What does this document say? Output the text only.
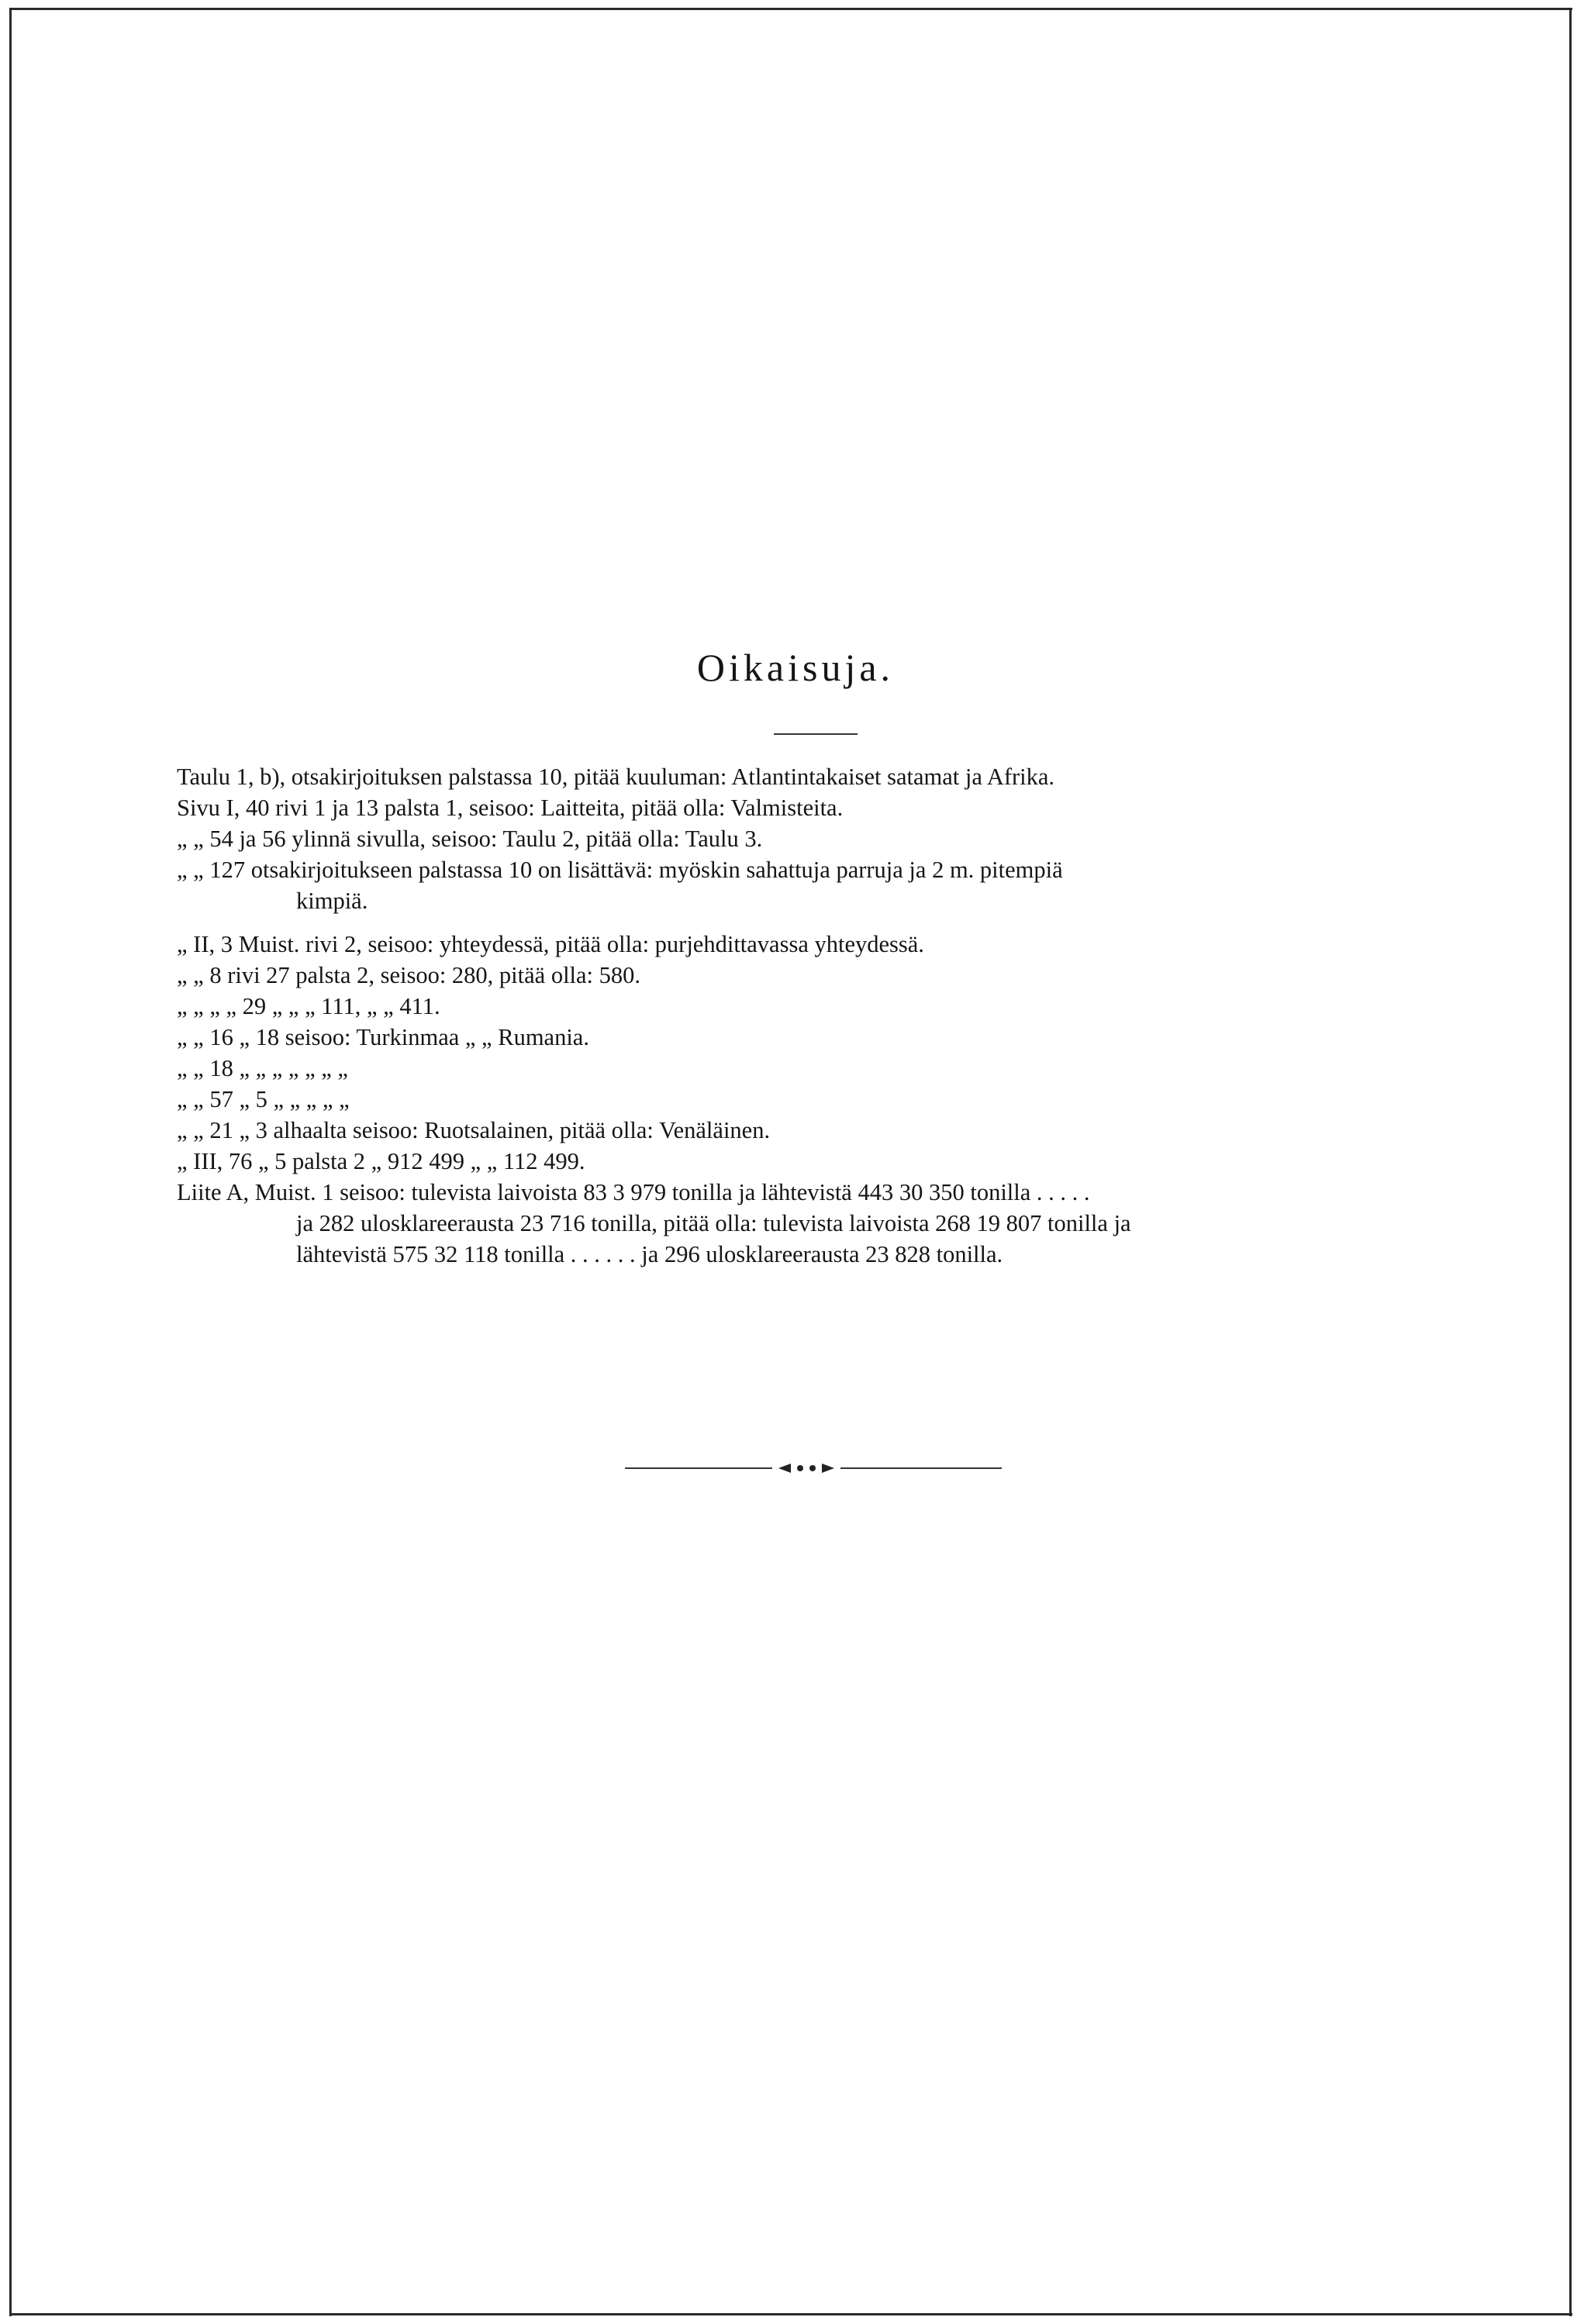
Oikaisuja.
Taulu 1, b), otsakirjoituksen palstassa 10, pitää kuuluman: Atlantintakaiset satamat ja Afrika.
Sivu I, 40 rivi 1 ja 13 palsta 1, seisoo: Laitteita, pitää olla: Valmisteita.
„ „ 54 ja 56 ylinnä sivulla, seisoo: Taulu 2, pitää olla: Taulu 3.
„ „ 127 otsakirjoitukseen palstassa 10 on lisättävä: myöskin sahattuja parruja ja 2 m. pitempiä
kimpiä.
„ II, 3 Muist. rivi 2, seisoo: yhteydessä, pitää olla: purjehdittavassa yhteydessä.
„ „ 8 rivi 27 palsta 2, seisoo: 280, pitää olla: 580.
„ „ „ „ 29 „ „ „ 111, „ „ 411.
„ „ 16 „ 18 seisoo: Turkinmaa „ „ Rumania.
„ „ 18 „ „ „ „ „ „ „
„ „ 57 „ 5 „ „ „ „ „
„ „ 21 „ 3 alhaalta seisoo: Ruotsalainen, pitää olla: Venäläinen.
„ III, 76 „ 5 palsta 2 „ 912 499 „ „ 112 499.
Liite A, Muist. 1 seisoo: tulevista laivoista 83 3 979 tonilla ja lähtevistä 443 30 350 tonilla . . . . .
ja 282 ulosklareerausta 23 716 tonilla, pitää olla: tulevista laivoista 268 19 807 tonilla ja
lähtevistä 575 32 118 tonilla . . . . . . ja 296 ulosklareerausta 23 828 tonilla.
